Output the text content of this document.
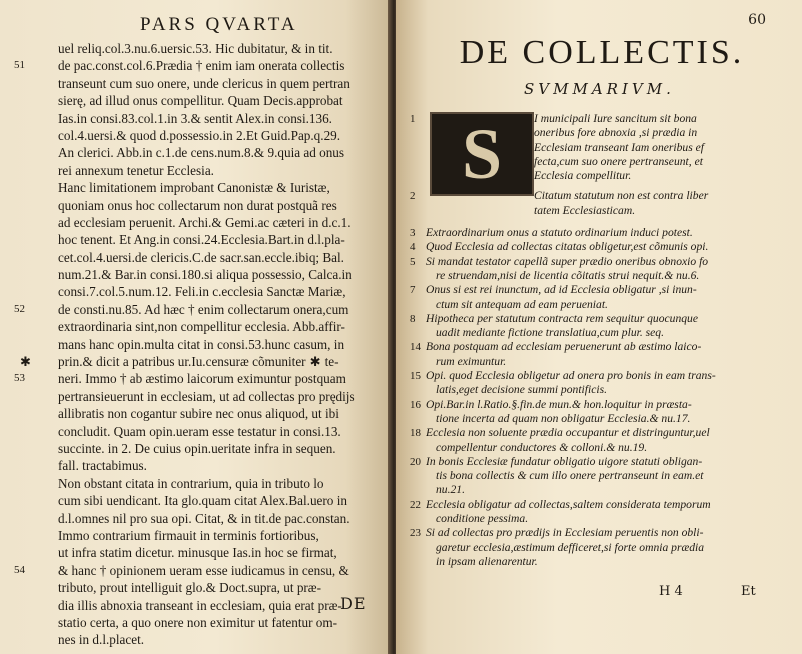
PARS QVARTA
uel reliq.col.3.nu.6.uersic.53. Hic dubitatur, & in tit.
51	de pac.const.col.6.Prædia † enim iam onerata collectis
transeunt cum suo onere, unde clericus in quem pertran
sierę, ad illud onus compellitur. Quam Decis.approbat
Ias.in consi.83.col.1.in 3.& sentit Alex.in consi.136.
col.4.uersi.& quod d.possessio.in 2.Et Guid.Pap.q.29.
An clerici. Abb.in c.1.de cens.num.8.& 9.quia ad onus
rei annexum tenetur Ecclesia.
Hanc limitationem improbant Canonistæ & Iuristæ,
quoniam onus hoc collectarum non durat postquã res
ad ecclesiam peruenit. Archi.& Gemi.ac cæteri in d.c.1.
hoc tenent. Et Ang.in consi.24.Ecclesia.Bart.in d.l.pla-
cet.col.4.uersi.de clericis.C.de sacr.san.eccle.ibiq; Bal.
num.21.& Bar.in consi.180.si aliqua possessio, Calca.in
consi.7.col.5.num.12. Feli.in c.ecclesia Sanctæ Mariæ,
52	de consti.nu.85. Ad hæc † enim collectarum onera,cum
extraordinaria sint,non compellitur ecclesia. Abb.affir-
mans hanc opin.multa citat in consi.53.hunc casum, in
✱	prin.& dicit a patribus ur.Iu.censuræ cõmuniter ✱ te-
53	neri. Immo † ab æstimo laicorum eximuntur postquam
pertransieuerunt in ecclesiam, ut ad collectas pro prędijs
allibratis non cogantur subire nec onus aliquod, ut ibi
concludit. Quam opin.ueram esse testatur in consi.13.
succinte. in 2. De cuius opin.ueritate infra in sequen.
fall. tractabimus.
Non obstant citata in contrarium, quia in tributo lo
cum sibi uendicant. Ita glo.quam citat Alex.Bal.uero in
d.l.omnes nil pro sua opi. Citat, & in tit.de pac.constan.
Immo contrarium firmauit in terminis fortioribus,
ut infra statim dicetur. minusque Ias.in hoc se firmat,
54	& hanc † opinionem ueram esse iudicamus in censu, &
tributo, prout intelliguit glo.& Doct.supra, ut præ-
dia illis abnoxia transeant in ecclesiam, quia erat præ-
statio certa, a quo onere non eximitur ut fatentur om-
nes in d.l.placet.
DE
60
DE COLLECTIS.
SVMMARIVM.
1	I municipali Iure sancitum sit bona
oneribus fore abnoxia ,si prædia in
Ecclesiam transeant Iam oneribus ef
fecta,cum suo onere pertranseunt, et
Ecclesia compellitur.
2	Citatum statutum non est contra liber
tatem Ecclesiasticam.
3 Extraordinarium onus a statuto ordinarium induci potest.
4 Quod Ecclesia ad collectas citatas obligetur,est cõmunis opi.
5 Si mandat testator capellã super prædio oneribus obnoxio fo
re struendam,nisi de licentia cõitatis strui nequit.& nu.6.
7 Onus si est rei inunctum, ad id Ecclesia obligatur ,si inun-
ctum sit antequam ad eam perueniat.
8 Hipotheca per statutum contracta rem sequitur quocunque
uadit mediante fictione translatiua,cum plur. seq.
14 Bona postquam ad ecclesiam peruenerunt ab æstimo laico-
rum eximuntur.
15 Opi. quod Ecclesia obligetur ad onera pro bonis in eam trans-
latis,eget decisione summi pontificis.
16 Opi.Bar.in l.Ratio.§.fin.de mun.& hon.loquitur in præsta-
tione incerta ad quam non obligatur Ecclesia.& nu.17.
18 Ecclesia non soluente prædia occupantur et distringuntur,uel
compellentur conductores & colloni.& nu.19.
20 In bonis Ecclesiæ fundatur obligatio uigore statuti obligan-
tis bona collectis & cum illo onere pertranseunt in eam.et
nu.21.
22 Ecclesia obligatur ad collectas,saltem considerata temporum
conditione pessima.
23 Si ad collectas pro prædijs in Ecclesiam peruentis non obli-
garetur ecclesia,æstimum defficeret,si forte omnia prædia
in ipsam alienarentur.
H 4	Et
S
